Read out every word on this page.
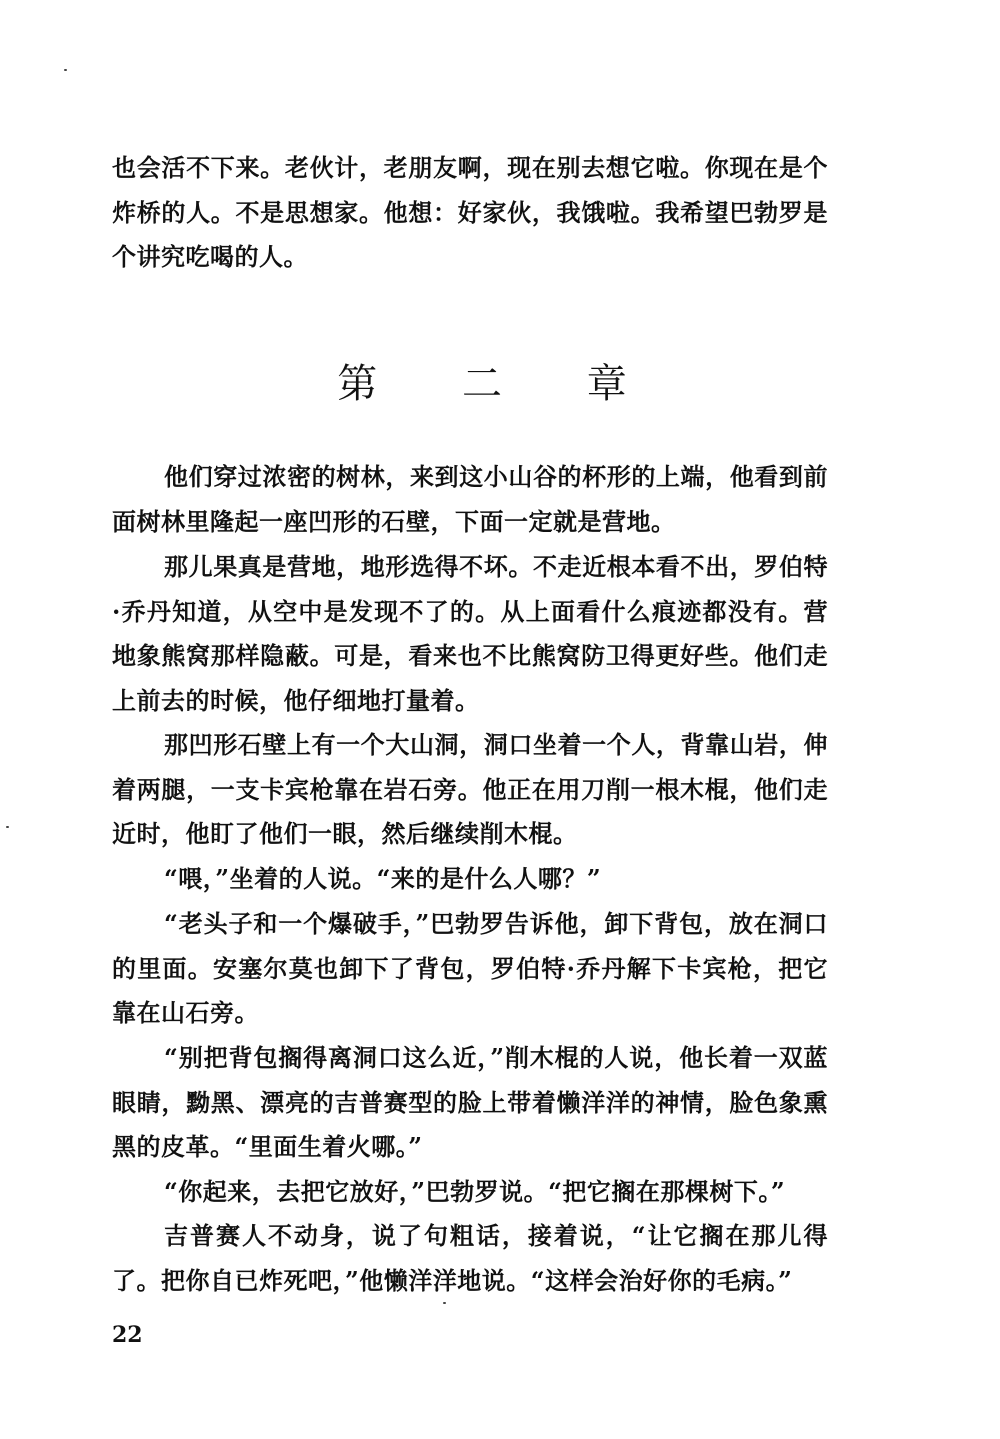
也会活不下来。老伙计，老朋友啊，现在别去想它啦。你现在是个炸桥的人。不是思想家。他想：好家伙，我饿啦。我希望巴勃罗是个讲究吃喝的人。

第 二 章

他们穿过浓密的树林，来到这小山谷的杯形的上端，他看到前面树林里隆起一座凹形的石壁，下面一定就是营地。

那儿果真是营地，地形选得不坏。不走近根本看不出，罗伯特·乔丹知道，从空中是发现不了的。从上面看什么痕迹都没有。营地象熊窝那样隐蔽。可是，看来也不比熊窝防卫得更好些。他们走上前去的时候，他仔细地打量着。

那凹形石壁上有一个大山洞，洞口坐着一个人，背靠山岩，伸着两腿，一支卡宾枪靠在岩石旁。他正在用刀削一根木棍，他们走近时，他盯了他们一眼，然后继续削木棍。

“喂，”坐着的人说。“来的是什么人哪？”

“老头子和一个爆破手，”巴勃罗告诉他，卸下背包，放在洞口的里面。安塞尔莫也卸下了背包，罗伯特·乔丹解下卡宾枪，把它靠在山石旁。

“别把背包搁得离洞口这么近，”削木棍的人说，他长着一双蓝眼睛，黝黑、漂亮的吉普赛型的脸上带着懒洋洋的神情，脸色象熏黑的皮革。“里面生着火哪。”

“你起来，去把它放好，”巴勃罗说。“把它搁在那棵树下。”

吉普赛人不动身，说了句粗话，接着说，“让它搁在那儿得了。把你自已炸死吧，”他懒洋洋地说。“这样会治好你的毛病。”

22
